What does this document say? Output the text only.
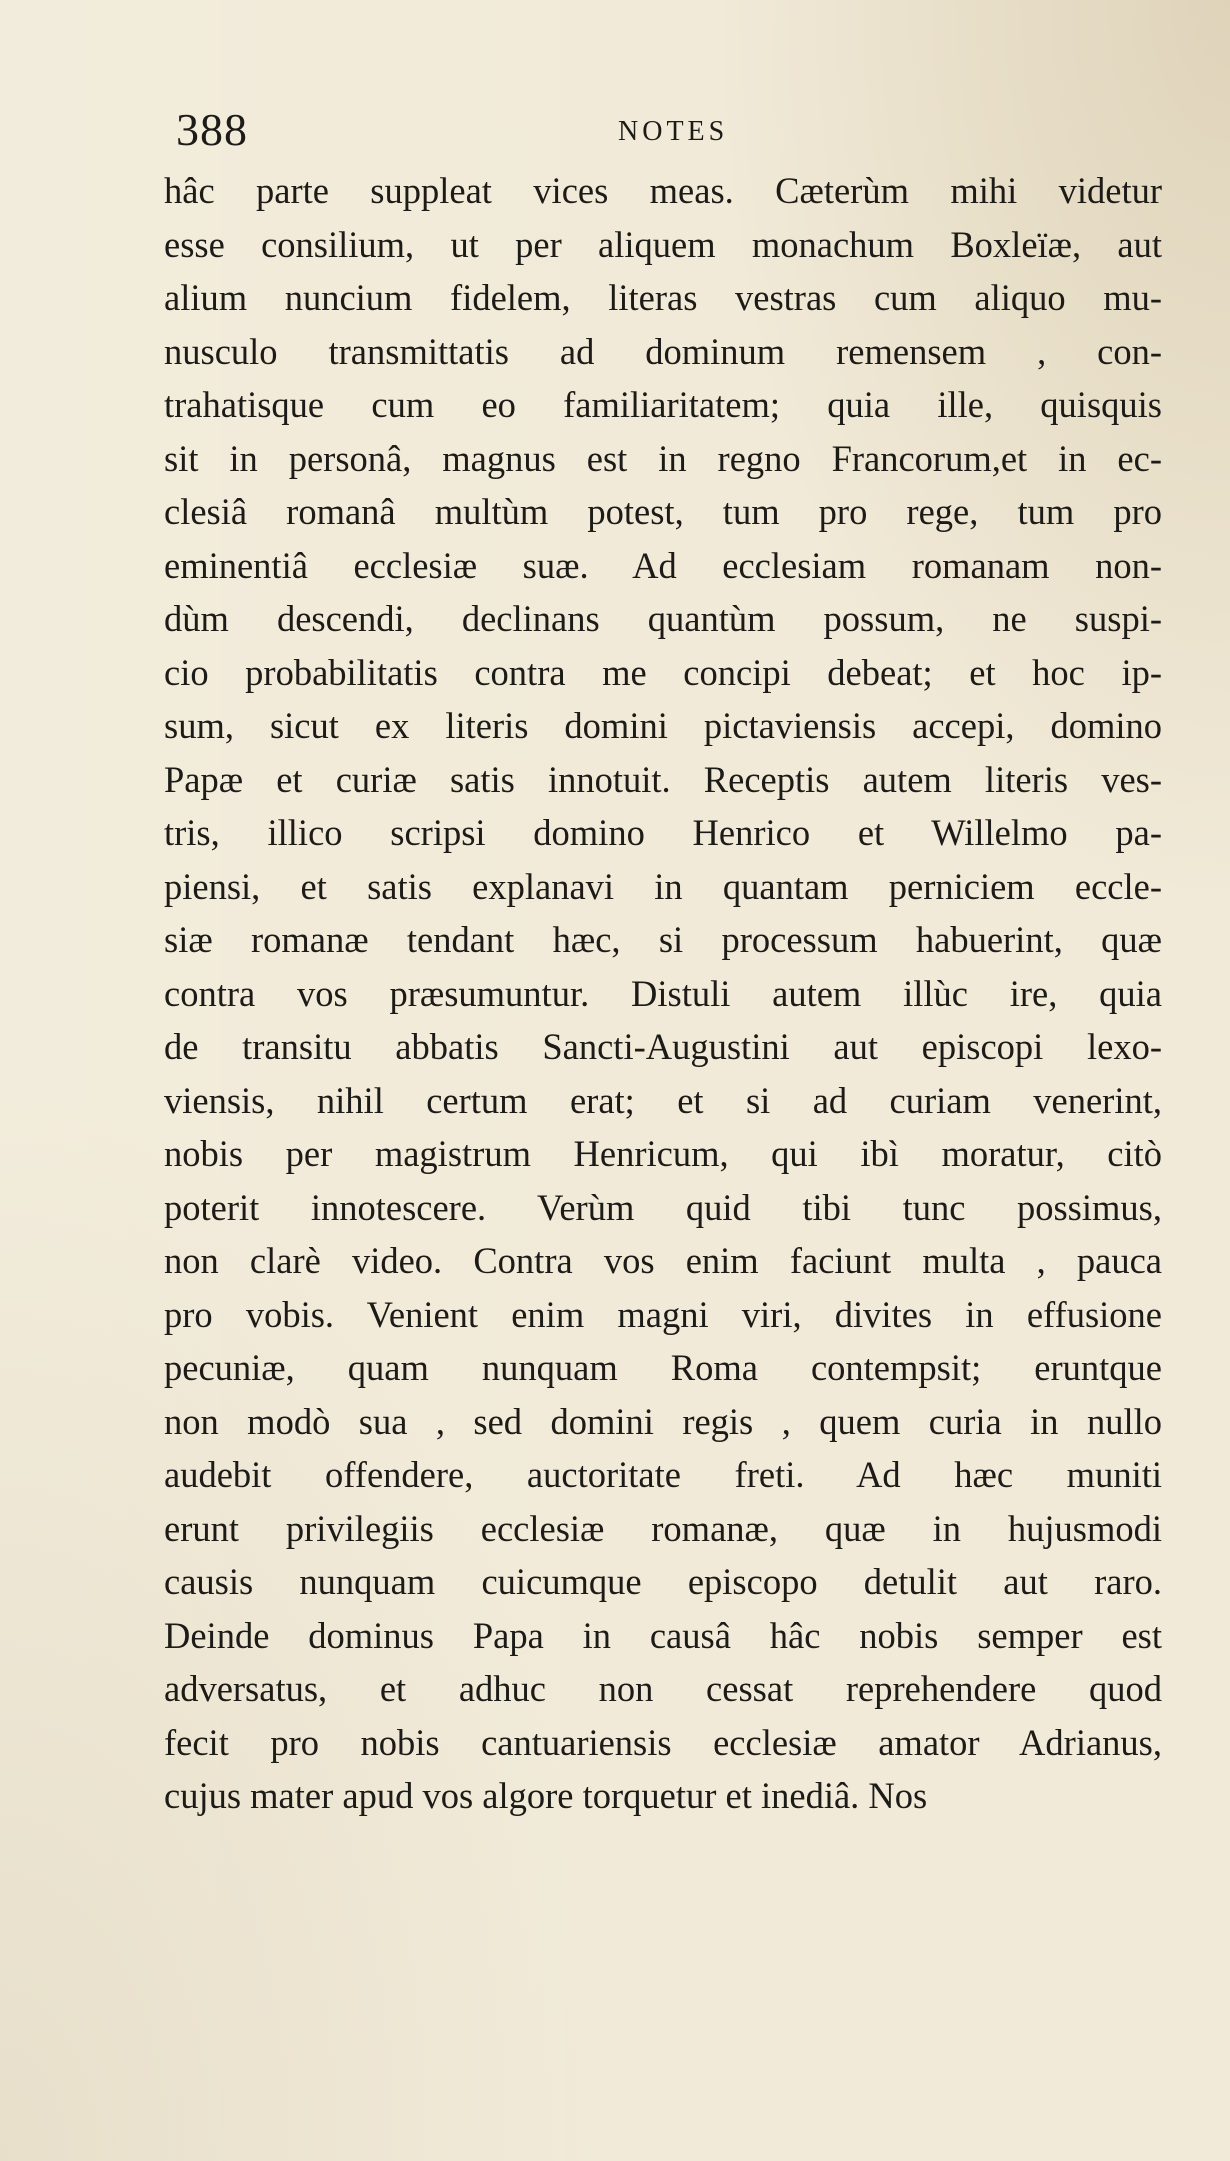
388	NOTES
hâc parte suppleat vices meas. Cæterùm mihi videtur
esse consilium, ut per aliquem monachum Boxleïæ, aut
alium nuncium fidelem, literas vestras cum aliquo mu-
nusculo transmittatis ad dominum remensem , con-
trahatisque cum eo familiaritatem; quia ille, quisquis
sit in personâ, magnus est in regno Francorum,et in ec-
clesiâ romanâ multùm potest, tum pro rege, tum pro
eminentiâ ecclesiæ suæ. Ad ecclesiam romanam non-
dùm descendi, declinans quantùm possum, ne suspi-
cio probabilitatis contra me concipi debeat; et hoc ip-
sum, sicut ex literis domini pictaviensis accepi, domino
Papæ et curiæ satis innotuit. Receptis autem literis ves-
tris, illico scripsi domino Henrico et Willelmo pa-
piensi, et satis explanavi in quantam perniciem eccle-
siæ romanæ tendant hæc, si processum habuerint, quæ
contra vos præsumuntur. Distuli autem illùc ire, quia
de transitu abbatis Sancti-Augustini aut episcopi lexo-
viensis, nihil certum erat; et si ad curiam venerint,
nobis per magistrum Henricum, qui ibì moratur, citò
poterit innotescere. Verùm quid tibi tunc possimus,
non clarè video. Contra vos enim faciunt multa , pauca
pro vobis. Venient enim magni viri, divites in effusione
pecuniæ, quam nunquam Roma contempsit; eruntque
non modò sua , sed domini regis , quem curia in nullo
audebit offendere, auctoritate freti. Ad hæc muniti
erunt privilegiis ecclesiæ romanæ, quæ in hujusmodi
causis nunquam cuicumque episcopo detulit aut raro.
Deinde dominus Papa in causâ hâc nobis semper est
adversatus, et adhuc non cessat reprehendere quod
fecit pro nobis cantuariensis ecclesiæ amator Adrianus,
cujus mater apud vos algore torquetur et inediâ. Nos
